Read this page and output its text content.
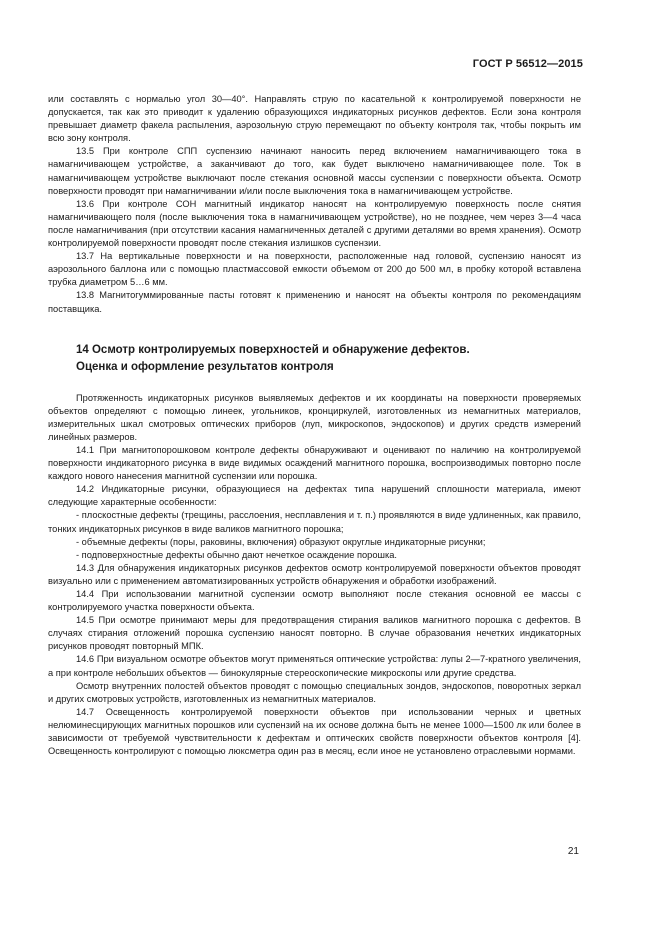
ГОСТ Р 56512—2015

или составлять с нормалью угол 30—40°. Направлять струю по касательной к контролируемой поверхности не допускается, так как это приводит к удалению образующихся индикаторных рисунков дефектов. Если зона контроля превышает диаметр факела распыления, аэрозольную струю перемещают по объекту контроля так, чтобы покрыть им всю зону контроля.

13.5 При контроле СПП суспензию начинают наносить перед включением намагничивающего тока в намагничивающем устройстве, а заканчивают до того, как будет выключено намагничивающее поле. Ток в намагничивающем устройстве выключают после стекания основной массы суспензии с поверхности объекта. Осмотр поверхности проводят при намагничивании и/или после выключения тока в намагничивающем устройстве.

13.6 При контроле СОН магнитный индикатор наносят на контролируемую поверхность после снятия намагничивающего поля (после выключения тока в намагничивающем устройстве), но не позднее, чем через 3—4 часа после намагничивания (при отсутствии касания намагниченных деталей с другими деталями во время хранения). Осмотр контролируемой поверхности проводят после стекания излишков суспензии.

13.7 На вертикальные поверхности и на поверхности, расположенные над головой, суспензию наносят из аэрозольного баллона или с помощью пластмассовой емкости объемом от 200 до 500 мл, в пробку которой вставлена трубка диаметром 5…6 мм.

13.8 Магнитогуммированные пасты готовят к применению и наносят на объекты контроля по рекомендациям поставщика.

14 Осмотр контролируемых поверхностей и обнаружение дефектов.
Оценка и оформление результатов контроля

Протяженность индикаторных рисунков выявляемых дефектов и их координаты на поверхности проверяемых объектов определяют с помощью линеек, угольников, кронциркулей, изготовленных из немагнитных материалов, измерительных шкал смотровых оптических приборов (луп, микроскопов, эндоскопов) и других средств измерений линейных размеров.

14.1 При магнитопорошковом контроле дефекты обнаруживают и оценивают по наличию на контролируемой поверхности индикаторного рисунка в виде видимых осаждений магнитного порошка, воспроизводимых повторно после каждого нового нанесения магнитной суспензии или порошка.

14.2 Индикаторные рисунки, образующиеся на дефектах типа нарушений сплошности материала, имеют следующие характерные особенности:

- плоскостные дефекты (трещины, расслоения, несплавления и т. п.) проявляются в виде удлиненных, как правило, тонких индикаторных рисунков в виде валиков магнитного порошка;

- объемные дефекты (поры, раковины, включения) образуют округлые индикаторные рисунки;

- подповерхностные дефекты обычно дают нечеткое осаждение порошка.

14.3 Для обнаружения индикаторных рисунков дефектов осмотр контролируемой поверхности объектов проводят визуально или с применением автоматизированных устройств обнаружения и обработки изображений.

14.4 При использовании магнитной суспензии осмотр выполняют после стекания основной ее массы с контролируемого участка поверхности объекта.

14.5 При осмотре принимают меры для предотвращения стирания валиков магнитного порошка с дефектов. В случаях стирания отложений порошка суспензию наносят повторно. В случае образования нечетких индикаторных рисунков проводят повторный МПК.

14.6 При визуальном осмотре объектов могут применяться оптические устройства: лупы 2—7-кратного увеличения, а при контроле небольших объектов — бинокулярные стереоскопические микроскопы или другие средства.

Осмотр внутренних полостей объектов проводят с помощью специальных зондов, эндоскопов, поворотных зеркал и других смотровых устройств, изготовленных из немагнитных материалов.

14.7 Освещенность контролируемой поверхности объектов при использовании черных и цветных нелюминесцирующих магнитных порошков или суспензий на их основе должна быть не менее 1000—1500 лк или более в зависимости от требуемой чувствительности к дефектам и оптических свойств поверхности объектов контроля [4]. Освещенность контролируют с помощью люксметра один раз в месяц, если иное не установлено отраслевыми нормами.

21
